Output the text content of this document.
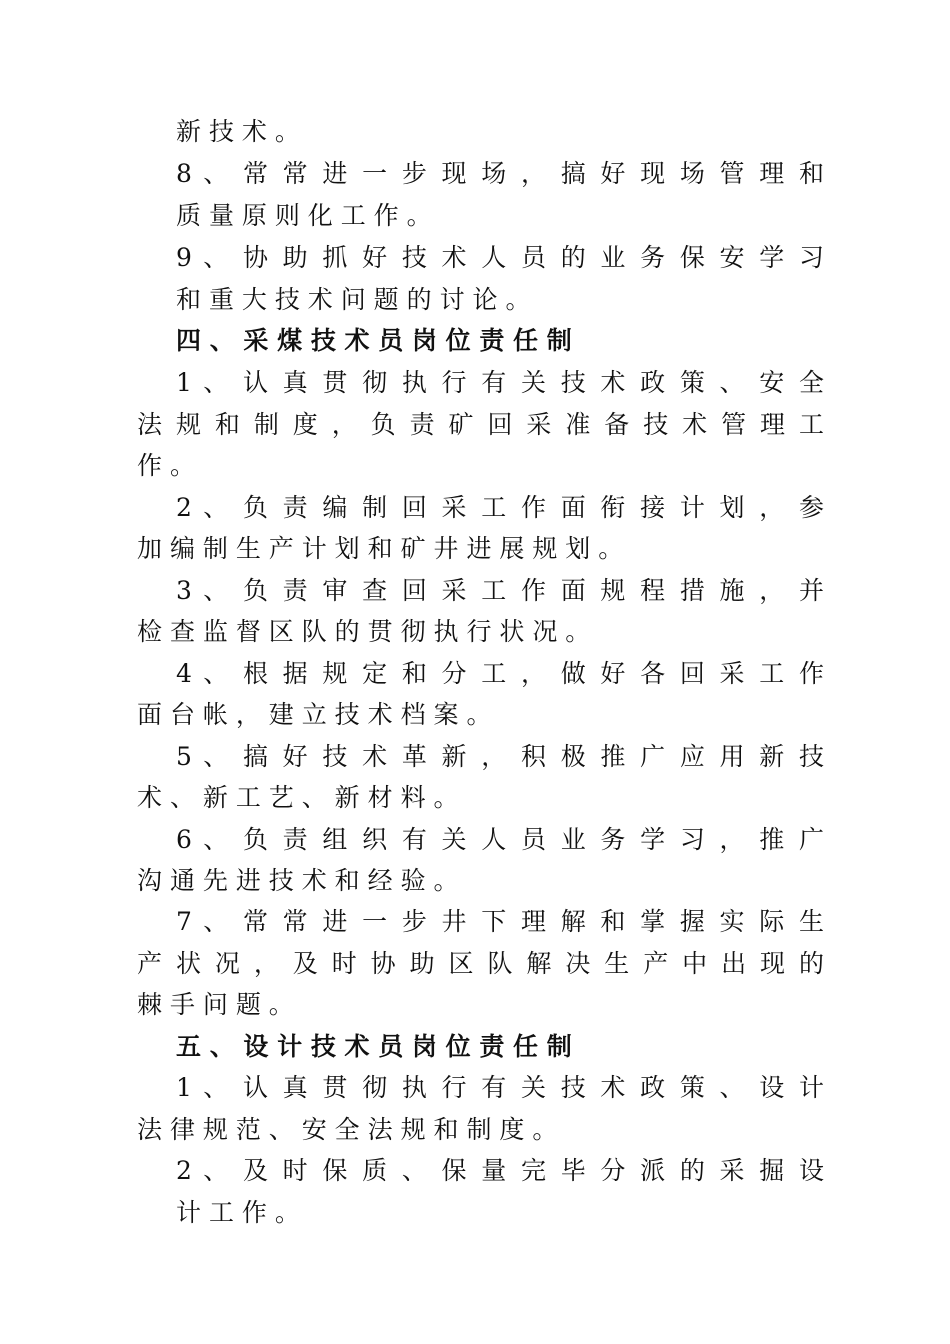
新 技 术 。
8 、 常 常 进 一 步 现 场 ， 搞 好 现 场 管 理 和
质 量 原 则 化 工 作 。
9 、 协 助 抓 好 技 术 人 员 的 业 务 保 安 学 习
和 重 大 技 术 问 题 的 讨 论 。
四 、 采 煤 技 术 员 岗 位 责 任 制
1 、 认 真 贯 彻 执 行 有 关 技 术 政 策 、 安 全
法 规 和 制 度 ， 负 责 矿 回 采 准 备 技 术 管 理 工
作 。
2 、 负 责 编 制 回 采 工 作 面 衔 接 计 划 ， 参
加 编 制 生 产 计 划 和 矿 井 进 展 规 划 。
3 、 负 责 审 查 回 采 工 作 面 规 程 措 施 ， 并
检 查 监 督 区 队 的 贯 彻 执 行 状 况 。
4 、 根 据 规 定 和 分 工 ， 做 好 各 回 采 工 作
面 台 帐 ， 建 立 技 术 档 案 。
5 、 搞 好 技 术 革 新 ， 积 极 推 广 应 用 新 技
术 、 新 工 艺 、 新 材 料 。
6 、 负 责 组 织 有 关 人 员 业 务 学 习 ， 推 广
沟 通 先 进 技 术 和 经 验 。
7 、 常 常 进 一 步 井 下 理 解 和 掌 握 实 际 生
产 状 况 ， 及 时 协 助 区 队 解 决 生 产 中 出 现 的
棘 手 问 题 。
五 、 设 计 技 术 员 岗 位 责 任 制
1 、 认 真 贯 彻 执 行 有 关 技 术 政 策 、 设 计
法 律 规 范 、 安 全 法 规 和 制 度 。
2 、 及 时 保 质 、 保 量 完 毕 分 派 的 采 掘 设
计 工 作 。
